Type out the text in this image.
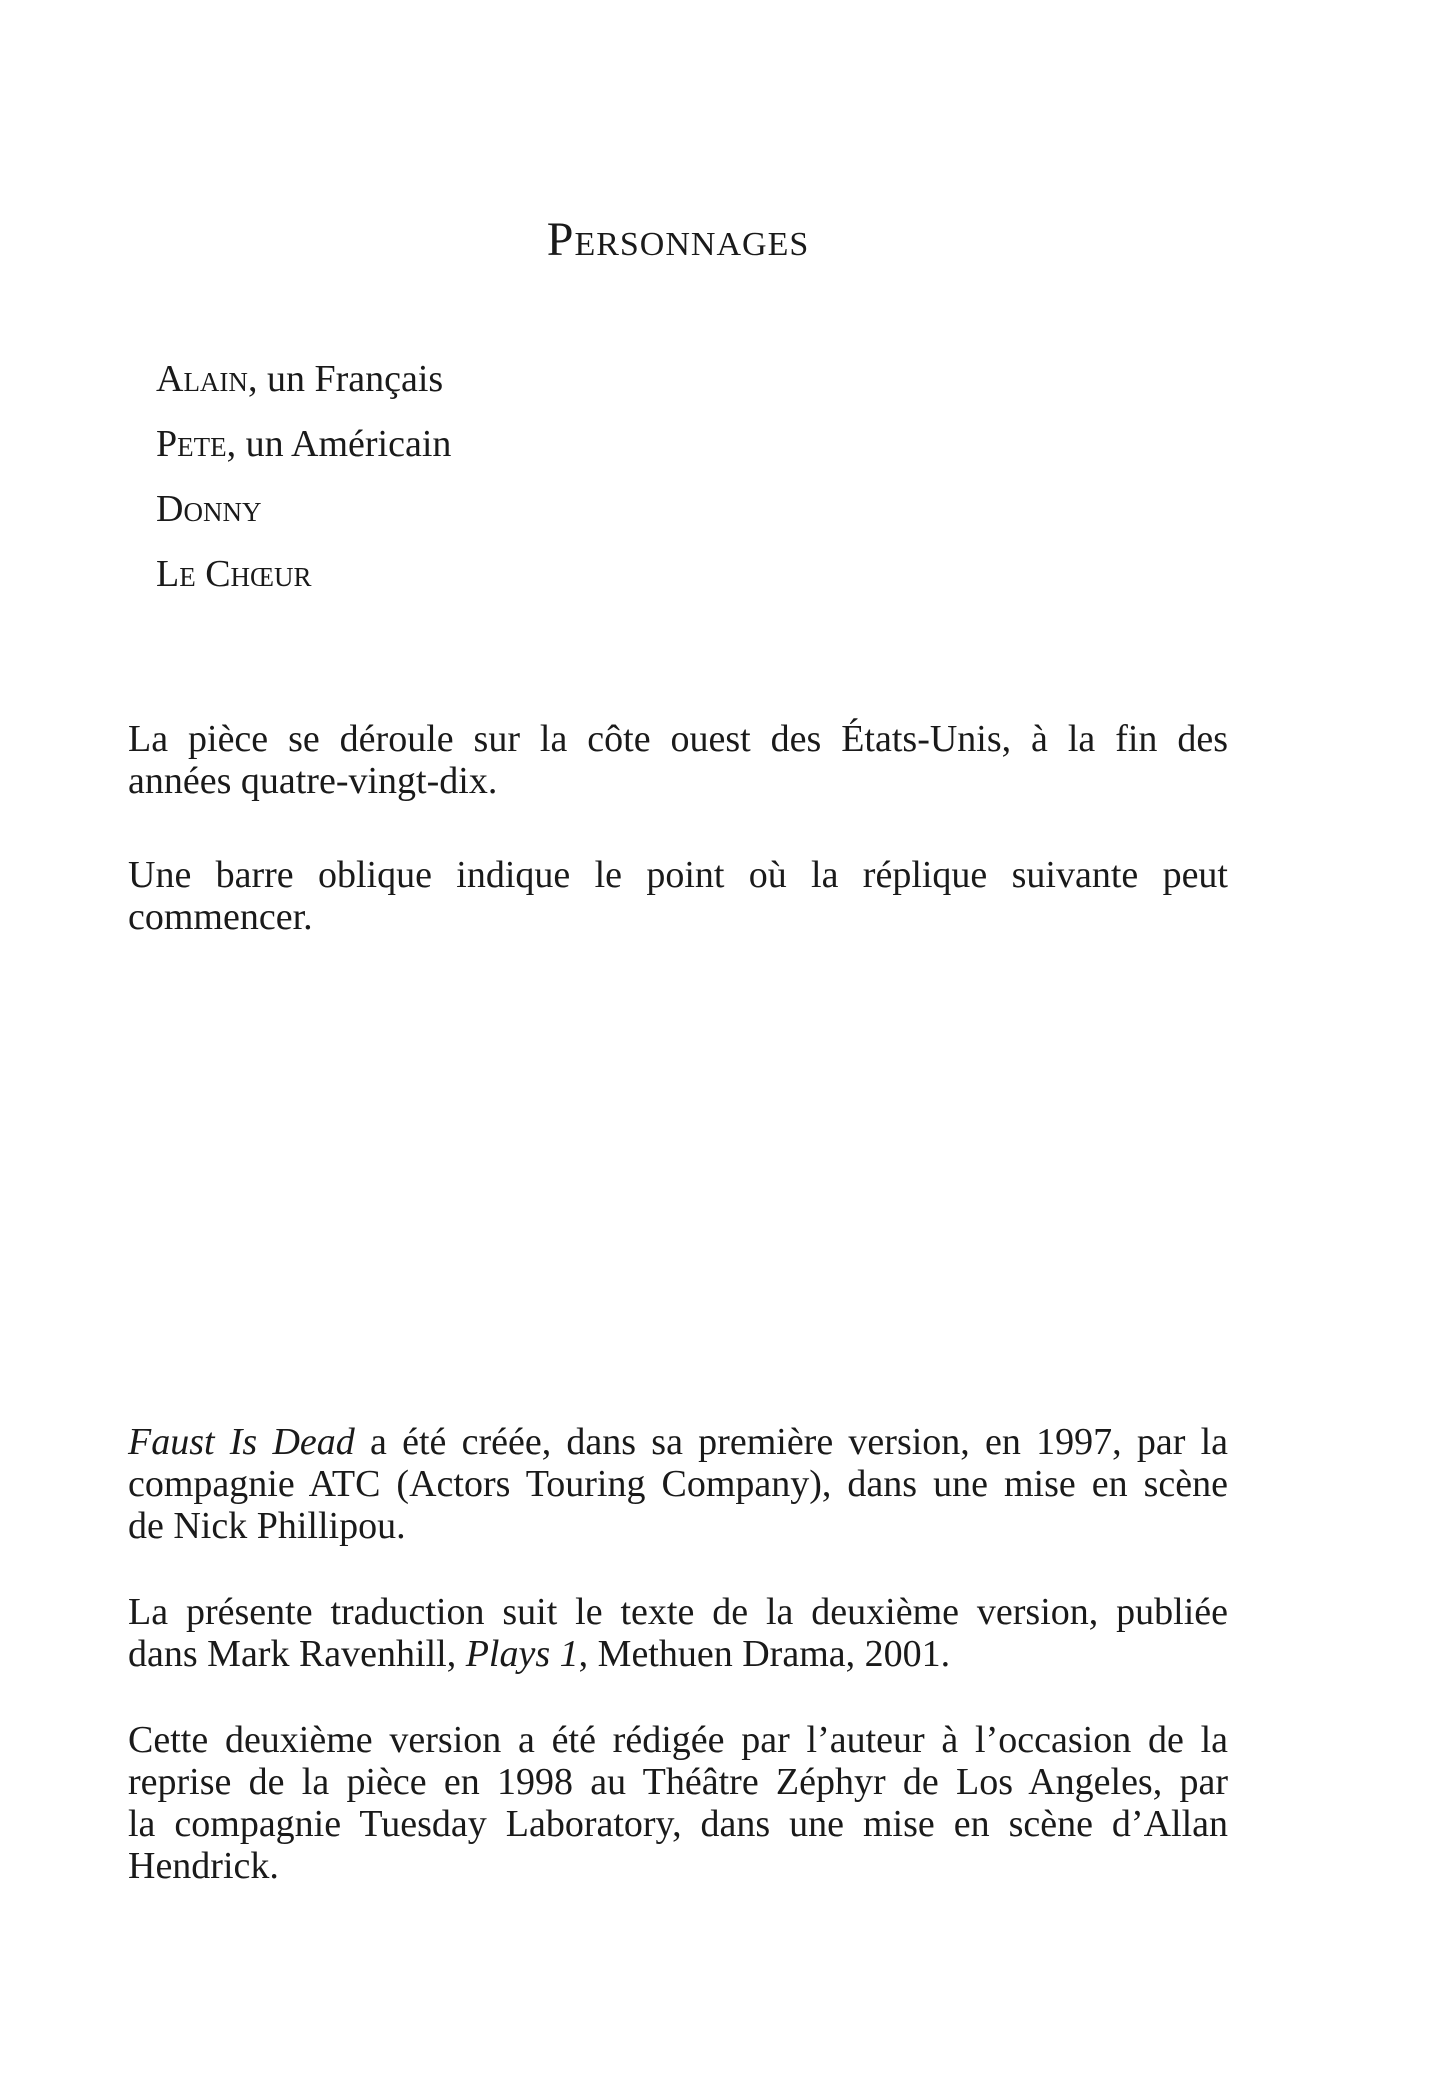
Personnages
Alain, un Français
Pete, un Américain
Donny
Le Chœur
La pièce se déroule sur la côte ouest des États-Unis, à la fin des
années quatre-vingt-dix.
Une barre oblique indique le point où la réplique suivante peut
commencer.
Faust Is Dead a été créée, dans sa première version, en 1997, par la
compagnie ATC (Actors Touring Company), dans une mise en scène
de Nick Phillipou.
La présente traduction suit le texte de la deuxième version, publiée
dans Mark Ravenhill, Plays 1, Methuen Drama, 2001.
Cette deuxième version a été rédigée par l’auteur à l’occasion de la
reprise de la pièce en 1998 au Théâtre Zéphyr de Los Angeles, par
la compagnie Tuesday Laboratory, dans une mise en scène d’Allan
Hendrick.
